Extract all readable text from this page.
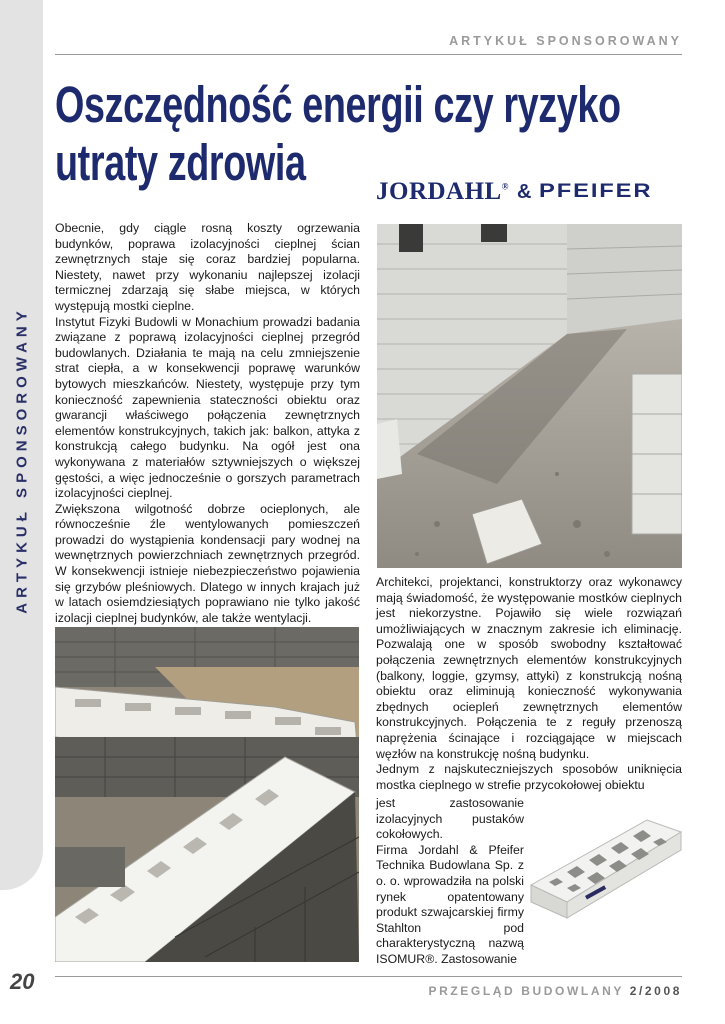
ARTYKUŁ SPONSOROWANY
ARTYKUŁ SPONSOROWANY
Oszczędność energii czy ryzyko
utraty zdrowia
JORDAHL® & PFEIFER

Obecnie, gdy ciągle rosną koszty ogrzewania budynków, poprawa izolacyjności cieplnej ścian zewnętrznych staje się coraz bardziej popularna. Niestety, nawet przy wykonaniu najlepszej izolacji termicznej zdarzają się słabe miejsca, w których występują mostki cieplne.

Instytut Fizyki Budowli w Monachium prowadzi badania związane z poprawą izolacyjności cieplnej przegród budowlanych. Działania te mają na celu zmniejszenie strat ciepła, a w konsekwencji poprawę warunków bytowych mieszkańców. Niestety, występuje przy tym konieczność zapewnienia stateczności obiektu oraz gwarancji właściwego połączenia zewnętrznych elementów konstrukcyjnych, takich jak: balkon, attyka z konstrukcją całego budynku. Na ogół jest ona wykonywana z materiałów sztywniejszych o większej gęstości, a więc jednocześnie o gorszych parametrach izolacyjności cieplnej.

Zwiększona wilgotność dobrze ocieplonych, ale równocześnie źle wentylowanych pomieszczeń prowadzi do wystąpienia kondensacji pary wodnej na wewnętrznych powierzchniach zewnętrznych przegród. W konsekwencji istnieje niebezpieczeństwo pojawienia się grzybów pleśniowych. Dlatego w innych krajach już w latach osiemdziesiątych poprawiano nie tylko jakość izolacji cieplnej budynków, ale także wentylacji.

Architekci, projektanci, konstruktorzy oraz wykonawcy mają świadomość, że występowanie mostków cieplnych jest niekorzystne. Pojawiło się wiele rozwiązań umożliwiających w znacznym zakresie ich eliminację. Pozwalają one w sposób swobodny kształtować połączenia zewnętrznych elementów konstrukcyjnych (balkony, loggie, gzymsy, attyki) z konstrukcją nośną obiektu oraz eliminują konieczność wykonywania zbędnych ociepleń zewnętrznych elementów konstrukcyjnych. Połączenia te z reguły przenoszą naprężenia ścinające i rozciągające w miejscach węzłów na konstrukcję nośną budynku.

Jednym z najskuteczniejszych sposobów uniknięcia mostka cieplnego w strefie przycokołowej obiektu

jest zastosowanie izolacyjnych pustaków cokołowych.

Firma Jordahl & Pfeifer Technika Budowlana Sp. z o. o. wprowadziła na polski rynek opatentowany produkt szwajcarskiej firmy Stahlton pod charakterystyczną nazwą ISOMUR®. Zastosowanie

20	PRZEGLĄD BUDOWLANY 2/2008
